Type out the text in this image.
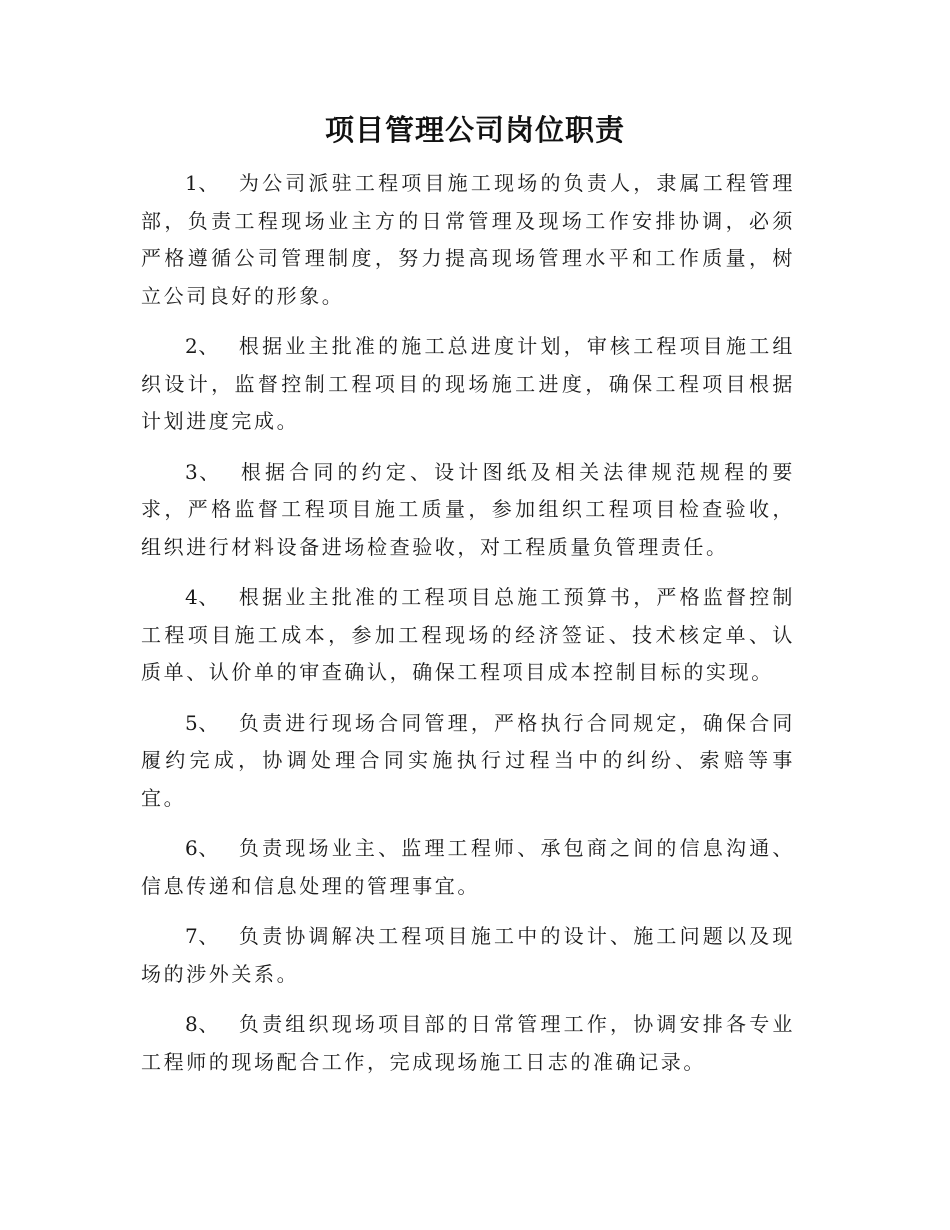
项目管理公司岗位职责

1、 为公司派驻工程项目施工现场的负责人，隶属工程管理部，负责工程现场业主方的日常管理及现场工作安排协调，必须严格遵循公司管理制度，努力提高现场管理水平和工作质量，树立公司良好的形象。

2、 根据业主批准的施工总进度计划，审核工程项目施工组织设计，监督控制工程项目的现场施工进度，确保工程项目根据计划进度完成。

3、 根据合同的约定、设计图纸及相关法律规范规程的要求，严格监督工程项目施工质量，参加组织工程项目检查验收，组织进行材料设备进场检查验收，对工程质量负管理责任。

4、 根据业主批准的工程项目总施工预算书，严格监督控制工程项目施工成本，参加工程现场的经济签证、技术核定单、认质单、认价单的审查确认，确保工程项目成本控制目标的实现。

5、 负责进行现场合同管理，严格执行合同规定，确保合同履约完成，协调处理合同实施执行过程当中的纠纷、索赔等事宜。

6、 负责现场业主、监理工程师、承包商之间的信息沟通、信息传递和信息处理的管理事宜。

7、 负责协调解决工程项目施工中的设计、施工问题以及现场的涉外关系。

8、 负责组织现场项目部的日常管理工作，协调安排各专业工程师的现场配合工作，完成现场施工日志的准确记录。
